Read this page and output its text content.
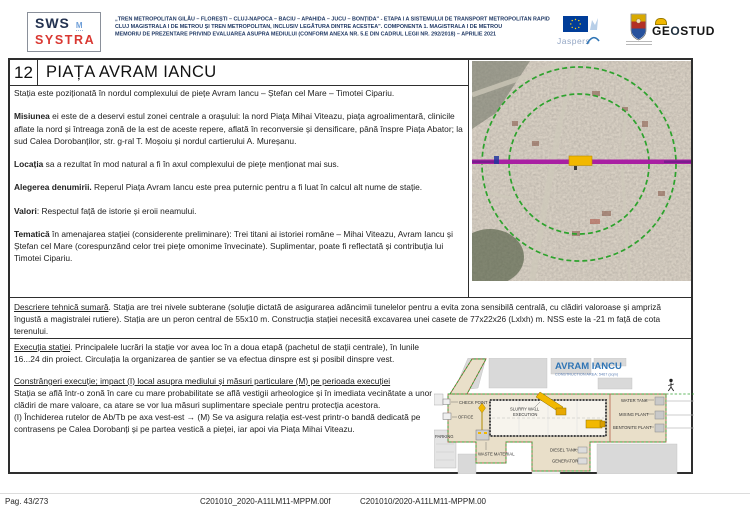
SWS M
SYSTRA
„TREN METROPOLITAN GILĂU – FLOREȘTI – CLUJ-NAPOCA – BACIU – APAHIDA – JUCU – BONȚIDA" - ETAPA I A SISTEMULUI DE TRANSPORT METROPOLITAN RAPID
CLUJ MAGISTRALA I DE METROU ȘI TREN METROPOLITAN, INCLUSIV LEGĂTURA DINTRE ACESTEA". COMPONENTA 1. MAGISTRALA I DE METROU
MEMORIU DE PREZENTARE PRIVIND EVALUAREA ASUPRA MEDIULUI (CONFORM ANEXA NR. 5.E DIN CADRUL LEGII NR. 292/2018) – APRILIE 2021
Jaspers
GEOSTUD
12 PIAȚA AVRAM IANCU

Stația este poziționată în nordul complexului de piețe Avram Iancu – Ștefan cel Mare – Timotei Cipariu.

Misiunea ei este de a deservi estul zonei centrale a orașului: la nord Piața Mihai Viteazu, piața agroalimentară, clinicile aflate la nord și întreaga zonă de la est de aceste repere, aflată în reconversie și densificare, până înspre Piața Abator; la sud Calea Dorobanților, str. g-ral T. Moșoiu și nordul cartierului A. Mureșanu.

Locația sa a rezultat în mod natural a fi în axul complexului de piețe menționat mai sus.

Alegerea denumirii. Reperul Piața Avram Iancu este prea puternic pentru a fi luat în calcul alt nume de stație.

Valori: Respectul față de istorie și eroii neamului.

Tematică în amenajarea stației (considerente preliminare): Trei titani ai istoriei române – Mihai Viteazu, Avram Iancu și Ștefan cel Mare (corespunzând celor trei piețe omonime învecinate). Suplimentar, poate fi reflectată și contribuția lui Timotei Cipariu.

Descriere tehnică sumară. Stația are trei nivele subterane (soluție dictată de asigurarea adâncimii tunelelor pentru a evita zona sensibilă centrală, cu clădiri valoroase și ampriză îngustă a magistralei rutiere). Stația are un peron central de 55x10 m. Construcția stației necesită excavarea unei casete de 77x22x26 (Lxlxh) m. NSS este la -21 m față de cota terenului.

Execuția stației. Principalele lucrări la stație vor avea loc în a doua etapă (pachetul de stații centrale), în lunile 16...24 din proiect. Circulația la organizarea de șantier se va efectua dinspre est și posibil dinspre vest.

Constrângeri execuție; impact (I) local asupra mediului și măsuri particulare (M) pe perioada execuției
Stația se află într-o zonă în care cu mare probabilitate se află vestigii arheologice și în imediata vecinătate a unor clădiri de mare valoare, ca atare se vor lua măsuri suplimentare speciale pentru protecția acestora.
(I) Închiderea rutelor de Ab/Tb pe axa vest-est → (M) Se va asigura relația est-vest printr-o bandă dedicată pe contrasens pe Calea Dorobanți și pe partea vestică a pieței, iar apoi via Piața Mihai Viteazu.

CHECK POINT
OFFICE
PARKING
WASTE MATERIAL
SLURRY WALL
EXECUTION
DIESEL TANK
GENERATOR
WATER TANK
MIXING PLANT
BENTONITE PLANT
AVRAM IANCU
CONSTRUCTION AREA: 5467 (sqm)
Pag. 43/273	C201010_2020-A11LM11-MPPM.00f	C201010/2020-A11LM11-MPPM.00
